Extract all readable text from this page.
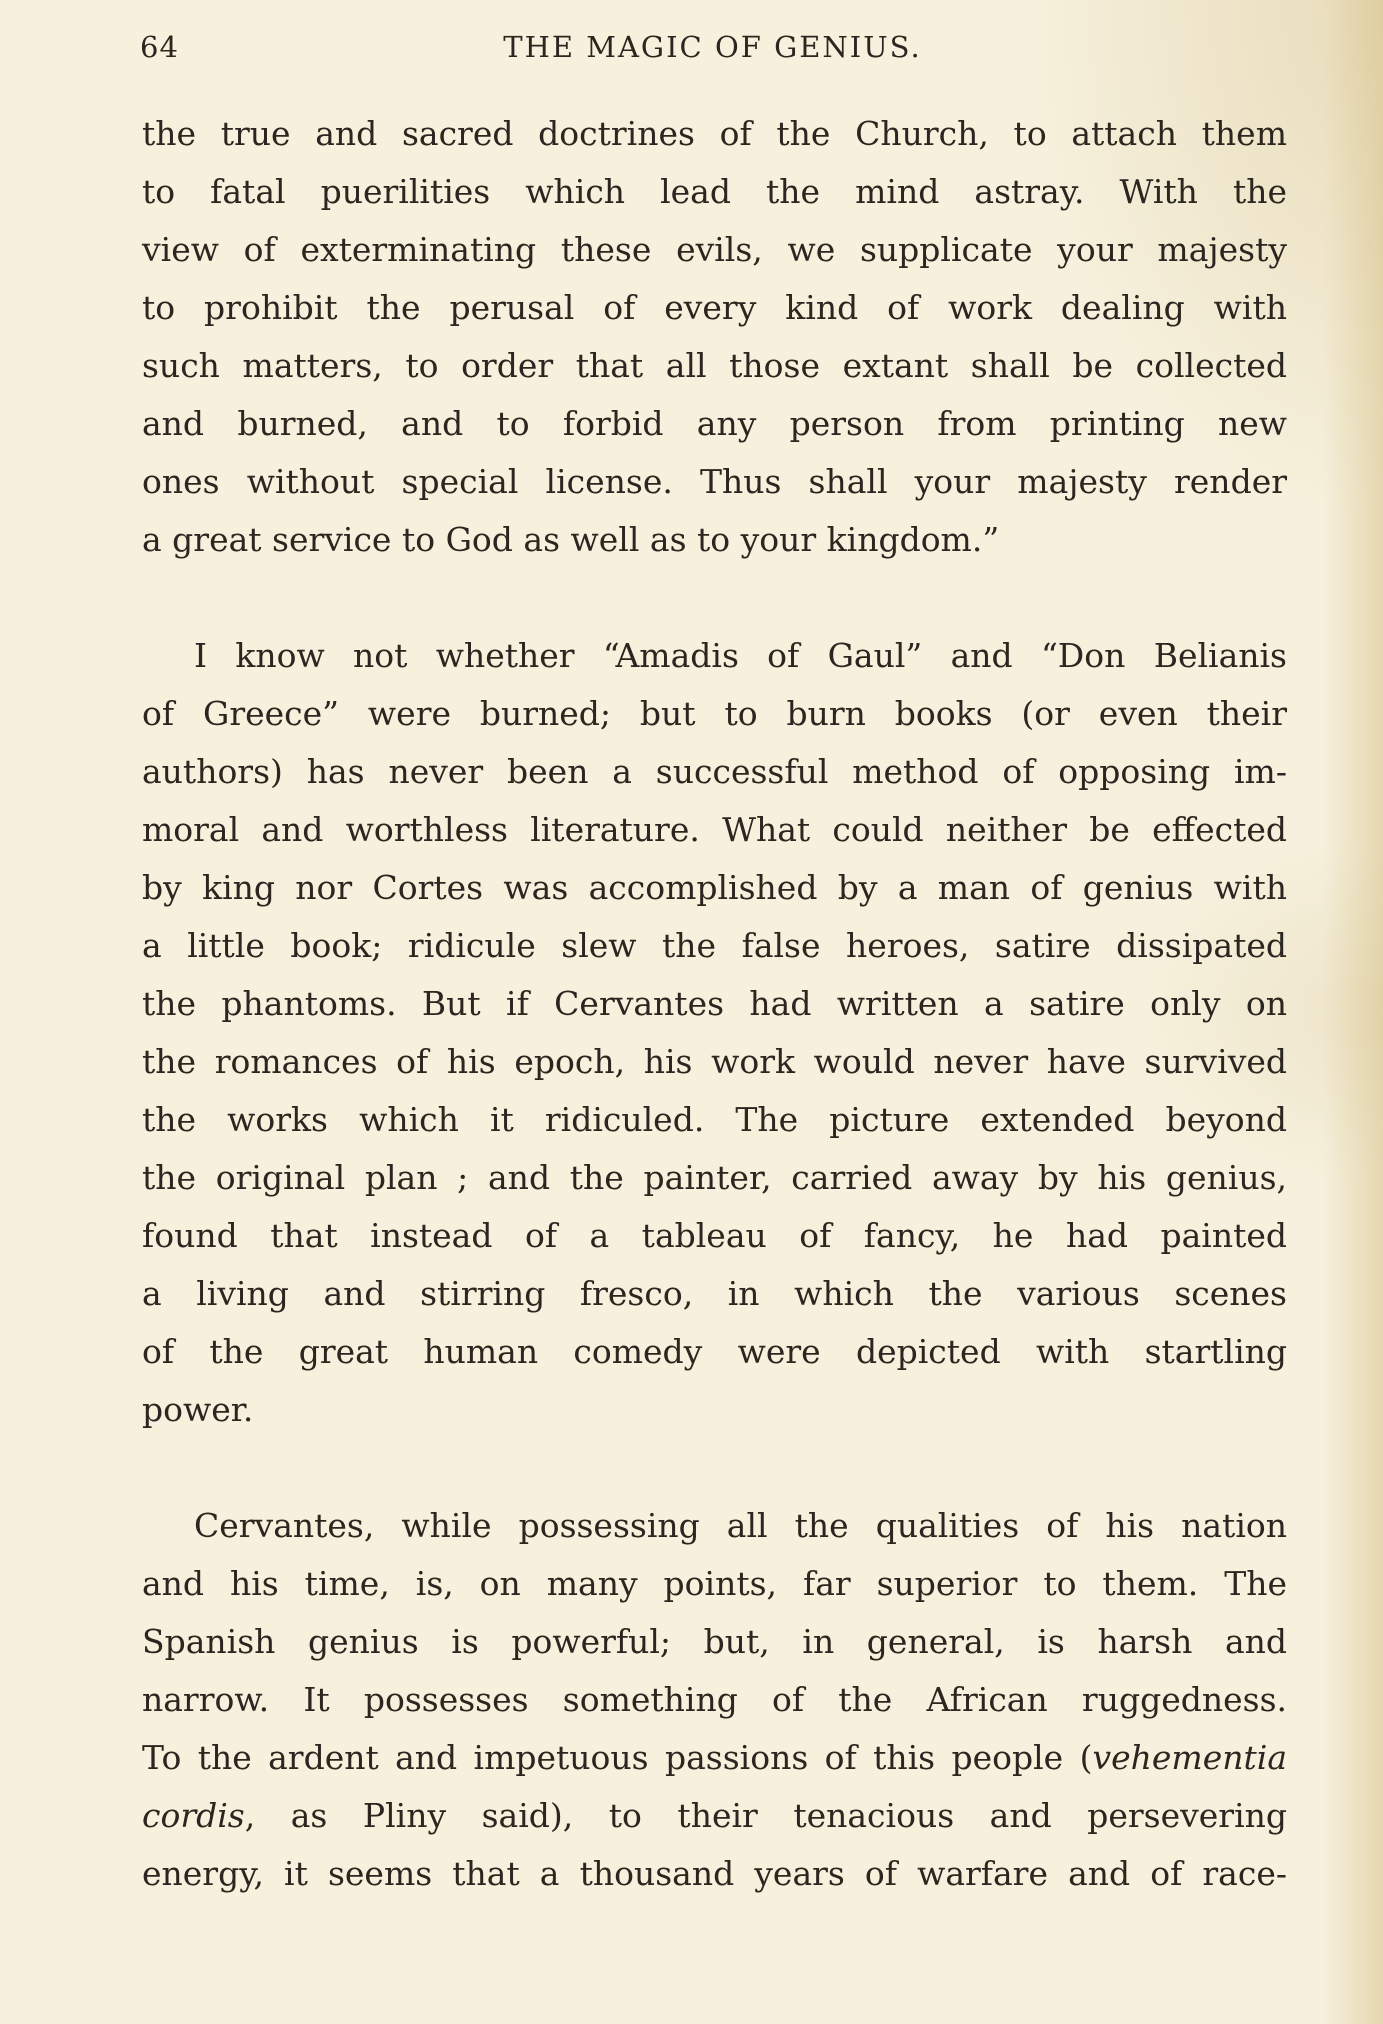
64	THE MAGIC OF GENIUS.
the true and sacred doctrines of the Church, to attach them
to fatal puerilities which lead the mind astray. With the
view of exterminating these evils, we supplicate your majesty
to prohibit the perusal of every kind of work dealing with
such matters, to order that all those extant shall be collected
and burned, and to forbid any person from printing new
ones without special license. Thus shall your majesty render
a great service to God as well as to your kingdom.”
I know not whether “Amadis of Gaul” and “Don Belianis
of Greece” were burned; but to burn books (or even their
authors) has never been a successful method of opposing im-
moral and worthless literature. What could neither be effected
by king nor Cortes was accomplished by a man of genius with
a little book; ridicule slew the false heroes, satire dissipated
the phantoms. But if Cervantes had written a satire only on
the romances of his epoch, his work would never have survived
the works which it ridiculed. The picture extended beyond
the original plan ; and the painter, carried away by his genius,
found that instead of a tableau of fancy, he had painted
a living and stirring fresco, in which the various scenes
of the great human comedy were depicted with startling
power.
Cervantes, while possessing all the qualities of his nation
and his time, is, on many points, far superior to them. The
Spanish genius is powerful; but, in general, is harsh and
narrow. It possesses something of the African ruggedness.
To the ardent and impetuous passions of this people (vehementia
cordis, as Pliny said), to their tenacious and persevering
energy, it seems that a thousand years of warfare and of race-
